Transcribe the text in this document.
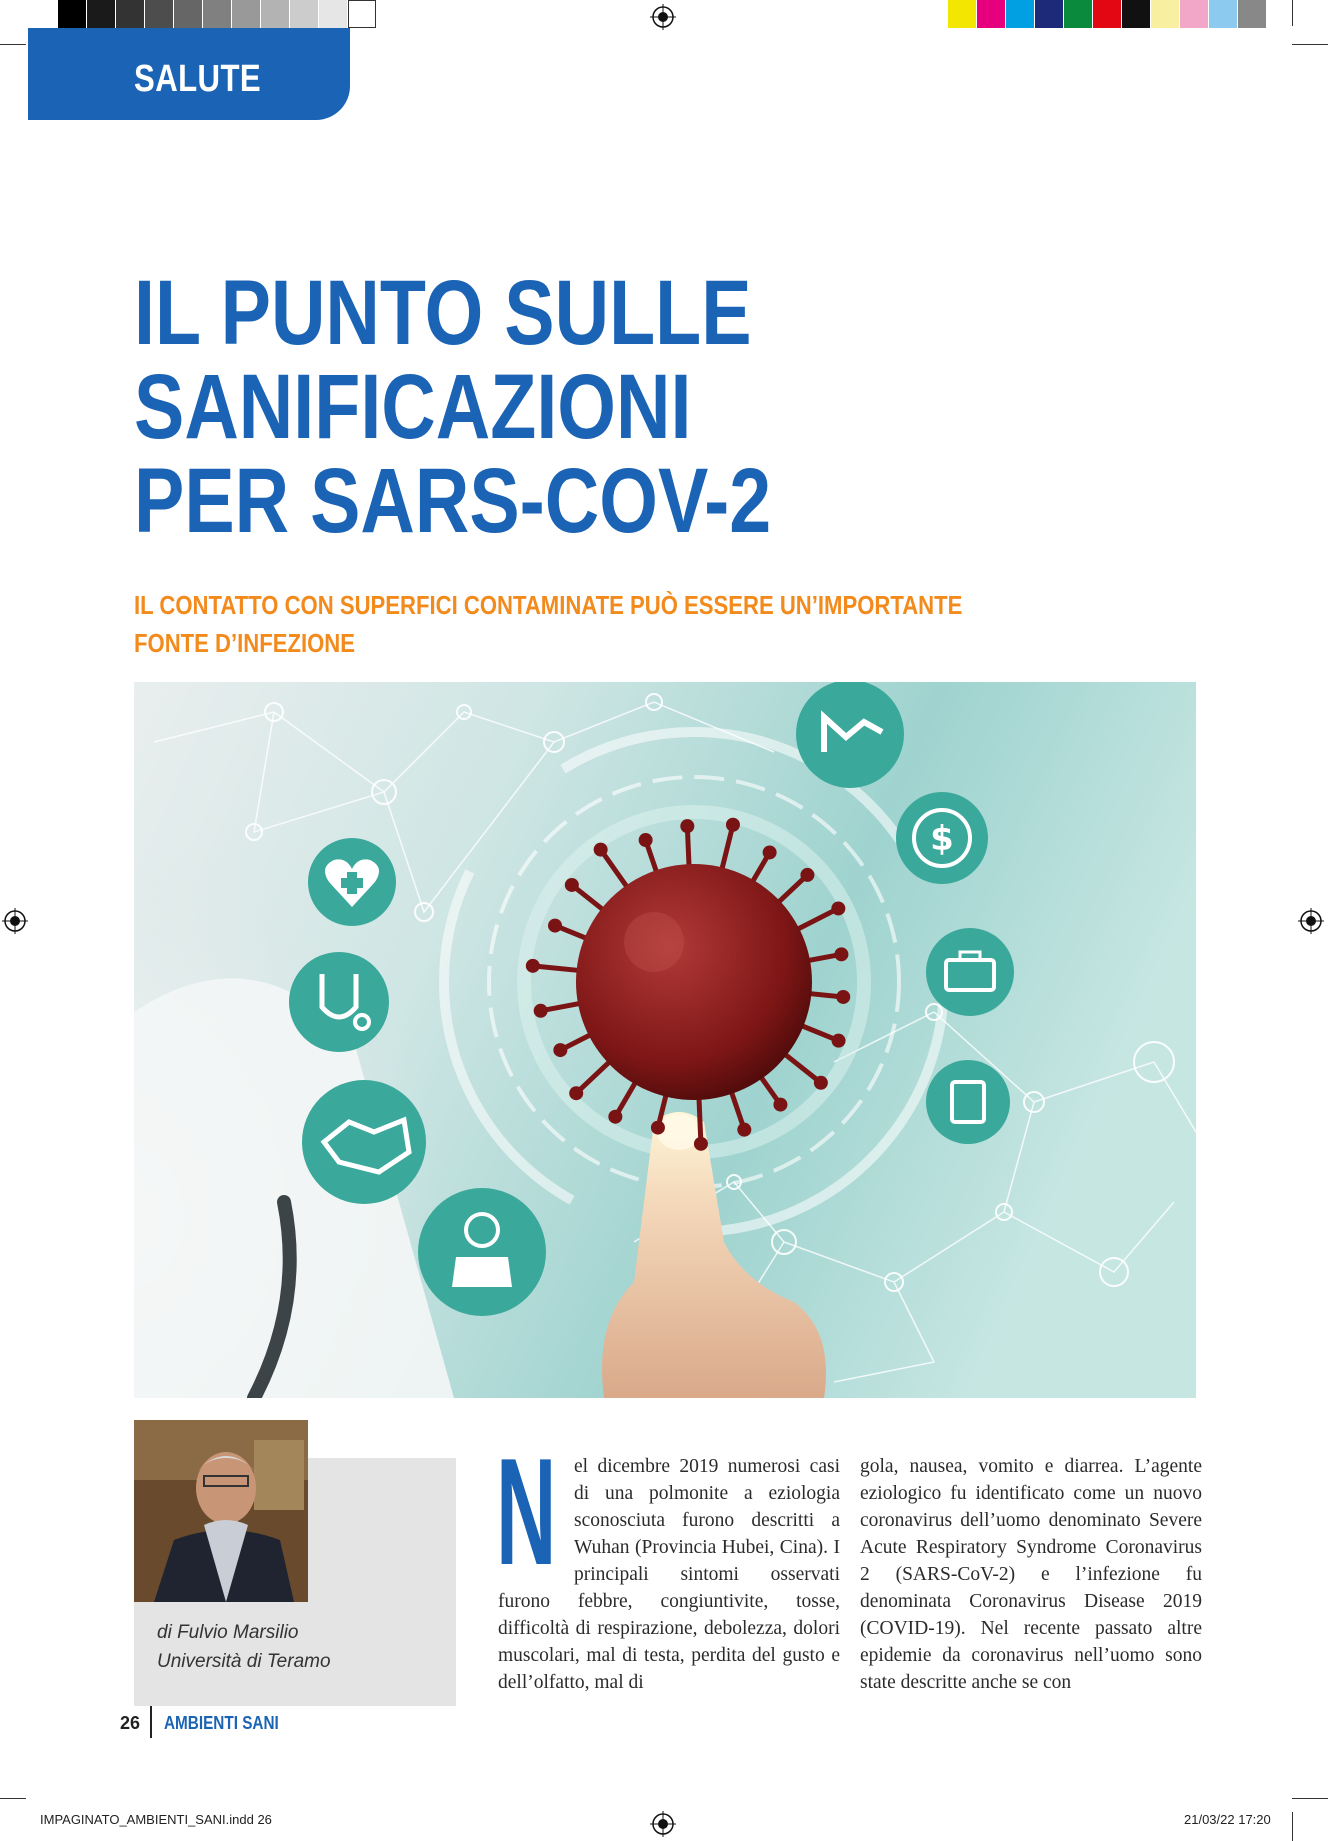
SALUTE
IL PUNTO SULLE
SANIFICAZIONI
PER SARS-COV-2

IL CONTATTO CON SUPERFICI CONTAMINATE PUÒ ESSERE UN’IMPORTANTE FONTE D’INFEZIONE

$
di Fulvio Marsilio
Università di Teramo
N el dicembre 2019 numerosi casi di una polmonite a eziologia sconosciuta furono descritti a Wuhan (Provincia Hubei, Cina). I principali sintomi osservati furono febbre, congiuntivite, tosse, difficoltà di respirazione, debolezza, dolori muscolari, mal di testa, perdita del gusto e dell’olfatto, mal di
gola, nausea, vomito e diarrea. L’agente eziologico fu identificato come un nuovo coronavirus dell’uomo denominato Severe Acute Respiratory Syndrome Coronavirus 2 (SARS-CoV-2) e l’infezione fu denominata Coronavirus Disease 2019 (COVID-19). Nel recente passato altre epidemie da coronavirus nell’uomo sono state descritte anche se con
26 AMBIENTI SANI
IMPAGINATO_AMBIENTI_SANI.indd 26	21/03/22 17:20
